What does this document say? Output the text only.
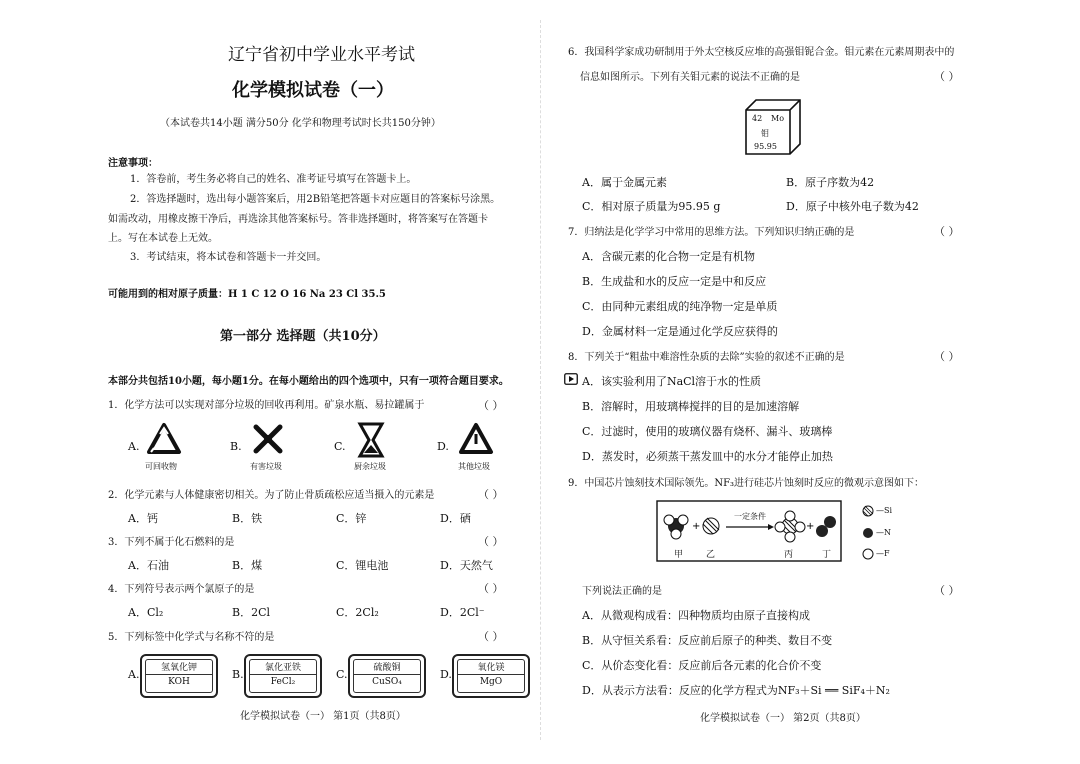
辽宁省初中学业水平考试
化学模拟试卷（一）
（本试卷共14小题 满分50分 化学和物理考试时长共150分钟）
注意事项：
1．答卷前，考生务必将自己的姓名、准考证号填写在答题卡上。
2．答选择题时，选出每小题答案后，用2B铅笔把答题卡对应题目的答案标号涂黑。
如需改动，用橡皮擦干净后，再选涂其他答案标号。答非选择题时，将答案写在答题卡
上。写在本试卷上无效。
3．考试结束，将本试卷和答题卡一并交回。
可能用到的相对原子质量：H 1 C 12 O 16 Na 23 Cl 35.5
第一部分 选择题（共10分）
本部分共包括10小题，每小题1分。在每小题给出的四个选项中，只有一项符合题目要求。
1．化学方法可以实现对部分垃圾的回收再利用。矿泉水瓶、易拉罐属于	（ ）
A.
可回收物
B.
有害垃圾
C.
厨余垃圾
D.
其他垃圾
2．化学元素与人体健康密切相关。为了防止骨质疏松应适当摄入的元素是	（ ）
A．钙	B．铁	C．锌	D．硒
3．下列不属于化石燃料的是	（ ）
A．石油	B．煤	C．锂电池	D．天然气
4．下列符号表示两个氯原子的是	（ ）
A．Cl₂	B．2Cl	C．2Cl₂	D．2Cl⁻
5．下列标签中化学式与名称不符的是	（ ）
A.	氢氧化钾
KOH
B.	氯化亚铁
FeCl₂
C.	硫酸铜
CuSO₄
D.	氧化镁
MgO
化学模拟试卷（一） 第1页（共8页）
6．我国科学家成功研制用于外太空核反应堆的高强钼铌合金。钼元素在元素周期表中的
信息如图所示。下列有关钼元素的说法不正确的是	（ ）
42 Mo
钼
95.95
A．属于金属元素	B．原子序数为42
C．相对原子质量为95.95 g	D．原子中核外电子数为42
7．归纳法是化学学习中常用的思维方法。下列知识归纳正确的是	（ ）
A．含碳元素的化合物一定是有机物
B．生成盐和水的反应一定是中和反应
C．由同种元素组成的纯净物一定是单质
D．金属材料一定是通过化学反应获得的
8．下列关于“粗盐中难溶性杂质的去除”实验的叙述不正确的是	（ ）
A．该实验利用了NaCl溶于水的性质
B．溶解时，用玻璃棒搅拌的目的是加速溶解
C．过滤时，使用的玻璃仪器有烧杯、漏斗、玻璃棒
D．蒸发时，必须蒸干蒸发皿中的水分才能停止加热
9．中国芯片蚀刻技术国际领先。NF₃进行硅芯片蚀刻时反应的微观示意图如下：
+	+
一定条件
甲	乙	丙	丁
—Si
—N
—F
下列说法正确的是	（ ）
A．从微观构成看：四种物质均由原子直接构成
B．从守恒关系看：反应前后原子的种类、数目不变
C．从价态变化看：反应前后各元素的化合价不变
D．从表示方法看：反应的化学方程式为NF₃＋Si ══ SiF₄＋N₂
化学模拟试卷（一） 第2页（共8页）
